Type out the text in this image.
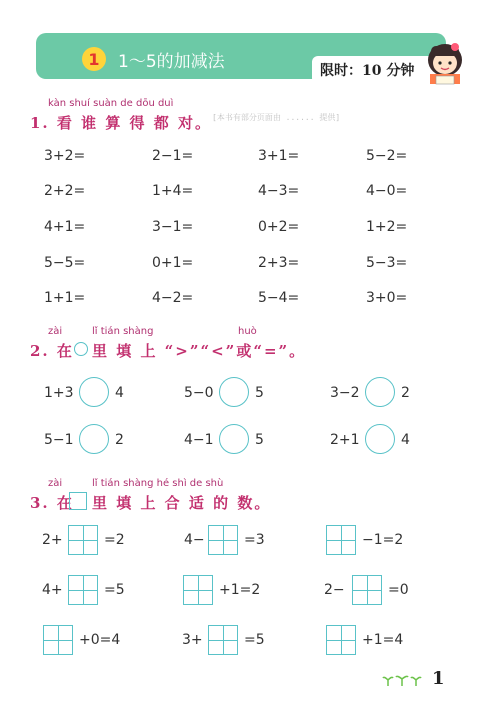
1	1～5的加减法	限时：10 分钟
kàn shuí suàn de dōu duì
1. 看 谁 算 得 都 对。 [本书有部分页面由 ...... 提供]
3+2=	2−1=	3+1=	5−2=
2+2=	1+4=	4−3=	4−0=
4+1=	3−1=	0+2=	1+2=
5−5=	0+1=	2+3=	5−3=
1+1=	4−2=	5−4=	3+0=
zài	lǐ tián shàng	huò
2. 在 里 填 上 “>”“<”或“=”。
1+3	4	5−0	5	3−2	2
5−1	2	4−1	5	2+1	4
zài	lǐ tián shàng hé shì de shù
3. 在 里 填 上 合 适 的 数。
2+	=2	4−	=3	−1=2
4+	=5	+1=2	2−	=0
+0=4	3+	=5	+1=4
1
